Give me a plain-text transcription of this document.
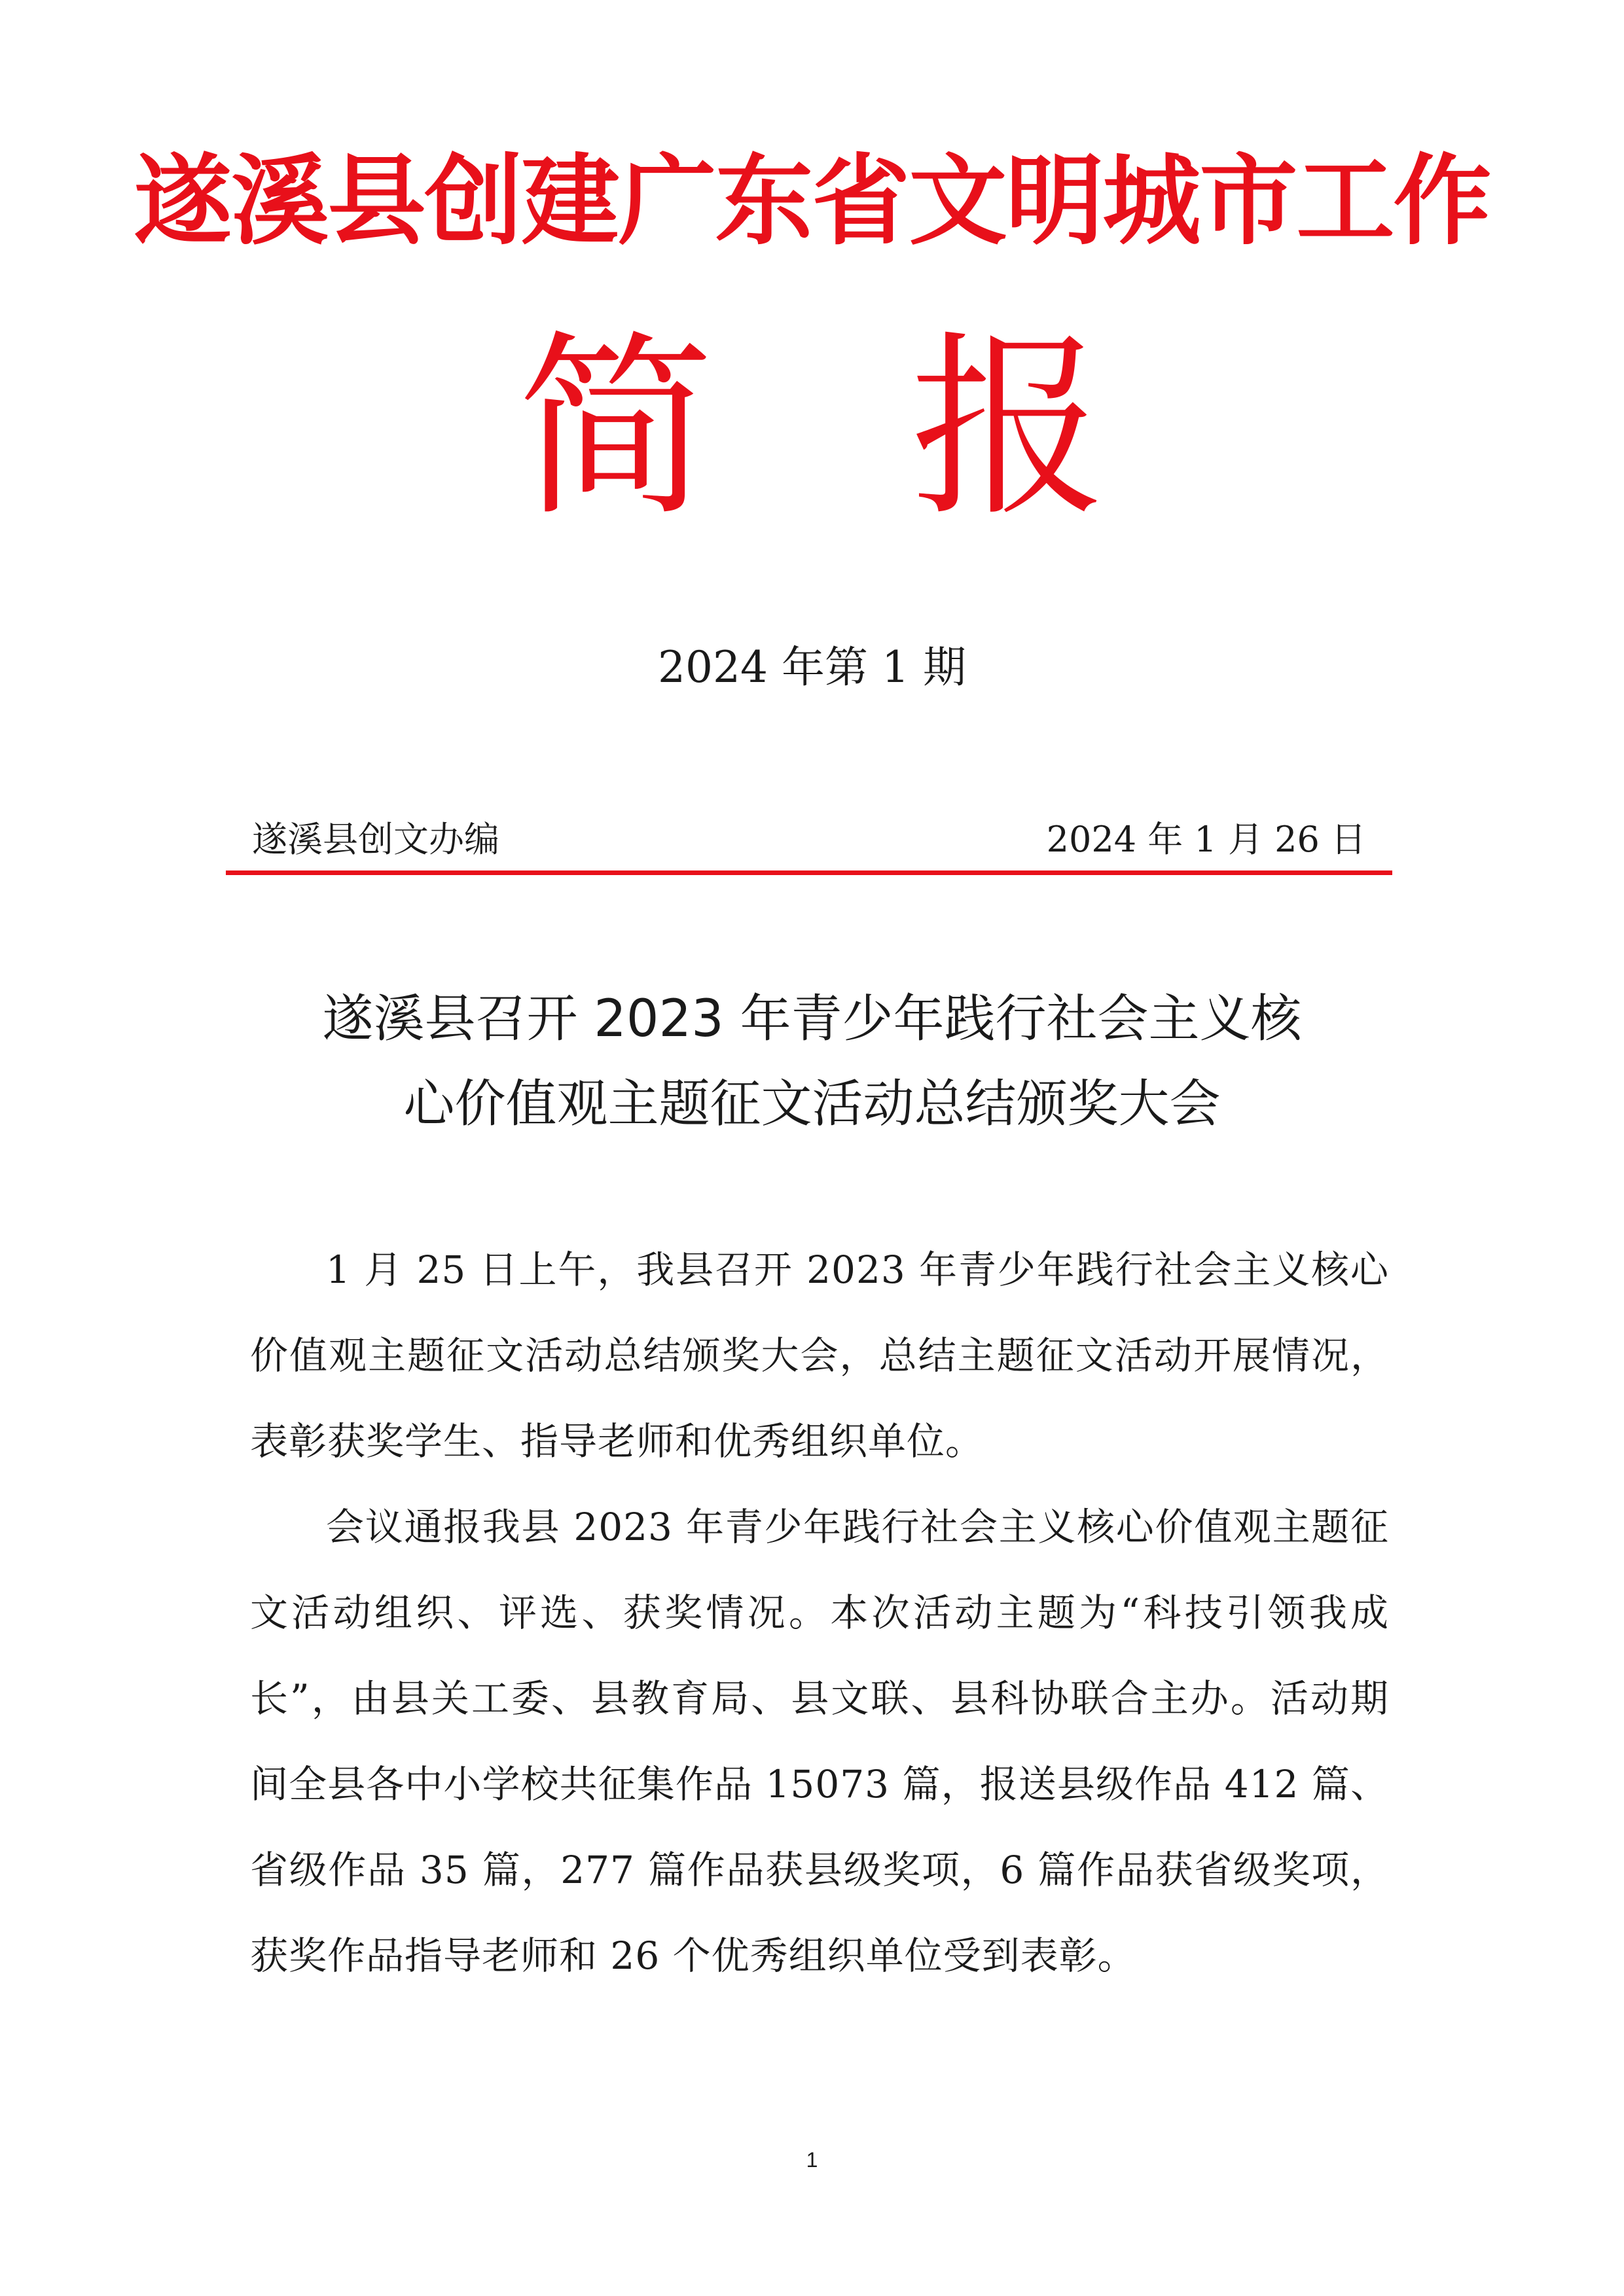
遂溪县创建广东省文明城市工作
简 报
2024 年第 1 期
遂溪县创文办编	2024 年 1 月 26 日
遂溪县召开 2023 年青少年践行社会主义核
心价值观主题征文活动总结颁奖大会

1 月 25 日上午，我县召开 2023 年青少年践行社会主义核心价值观主题征文活动总结颁奖大会，总结主题征文活动开展情况，表彰获奖学生、指导老师和优秀组织单位。

会议通报我县 2023 年青少年践行社会主义核心价值观主题征文活动组织、评选、获奖情况。本次活动主题为“科技引领我成长”，由县关工委、县教育局、县文联、县科协联合主办。活动期间全县各中小学校共征集作品 15073 篇，报送县级作品 412 篇、省级作品 35 篇，277 篇作品获县级奖项，6 篇作品获省级奖项，获奖作品指导老师和 26 个优秀组织单位受到表彰。

1
